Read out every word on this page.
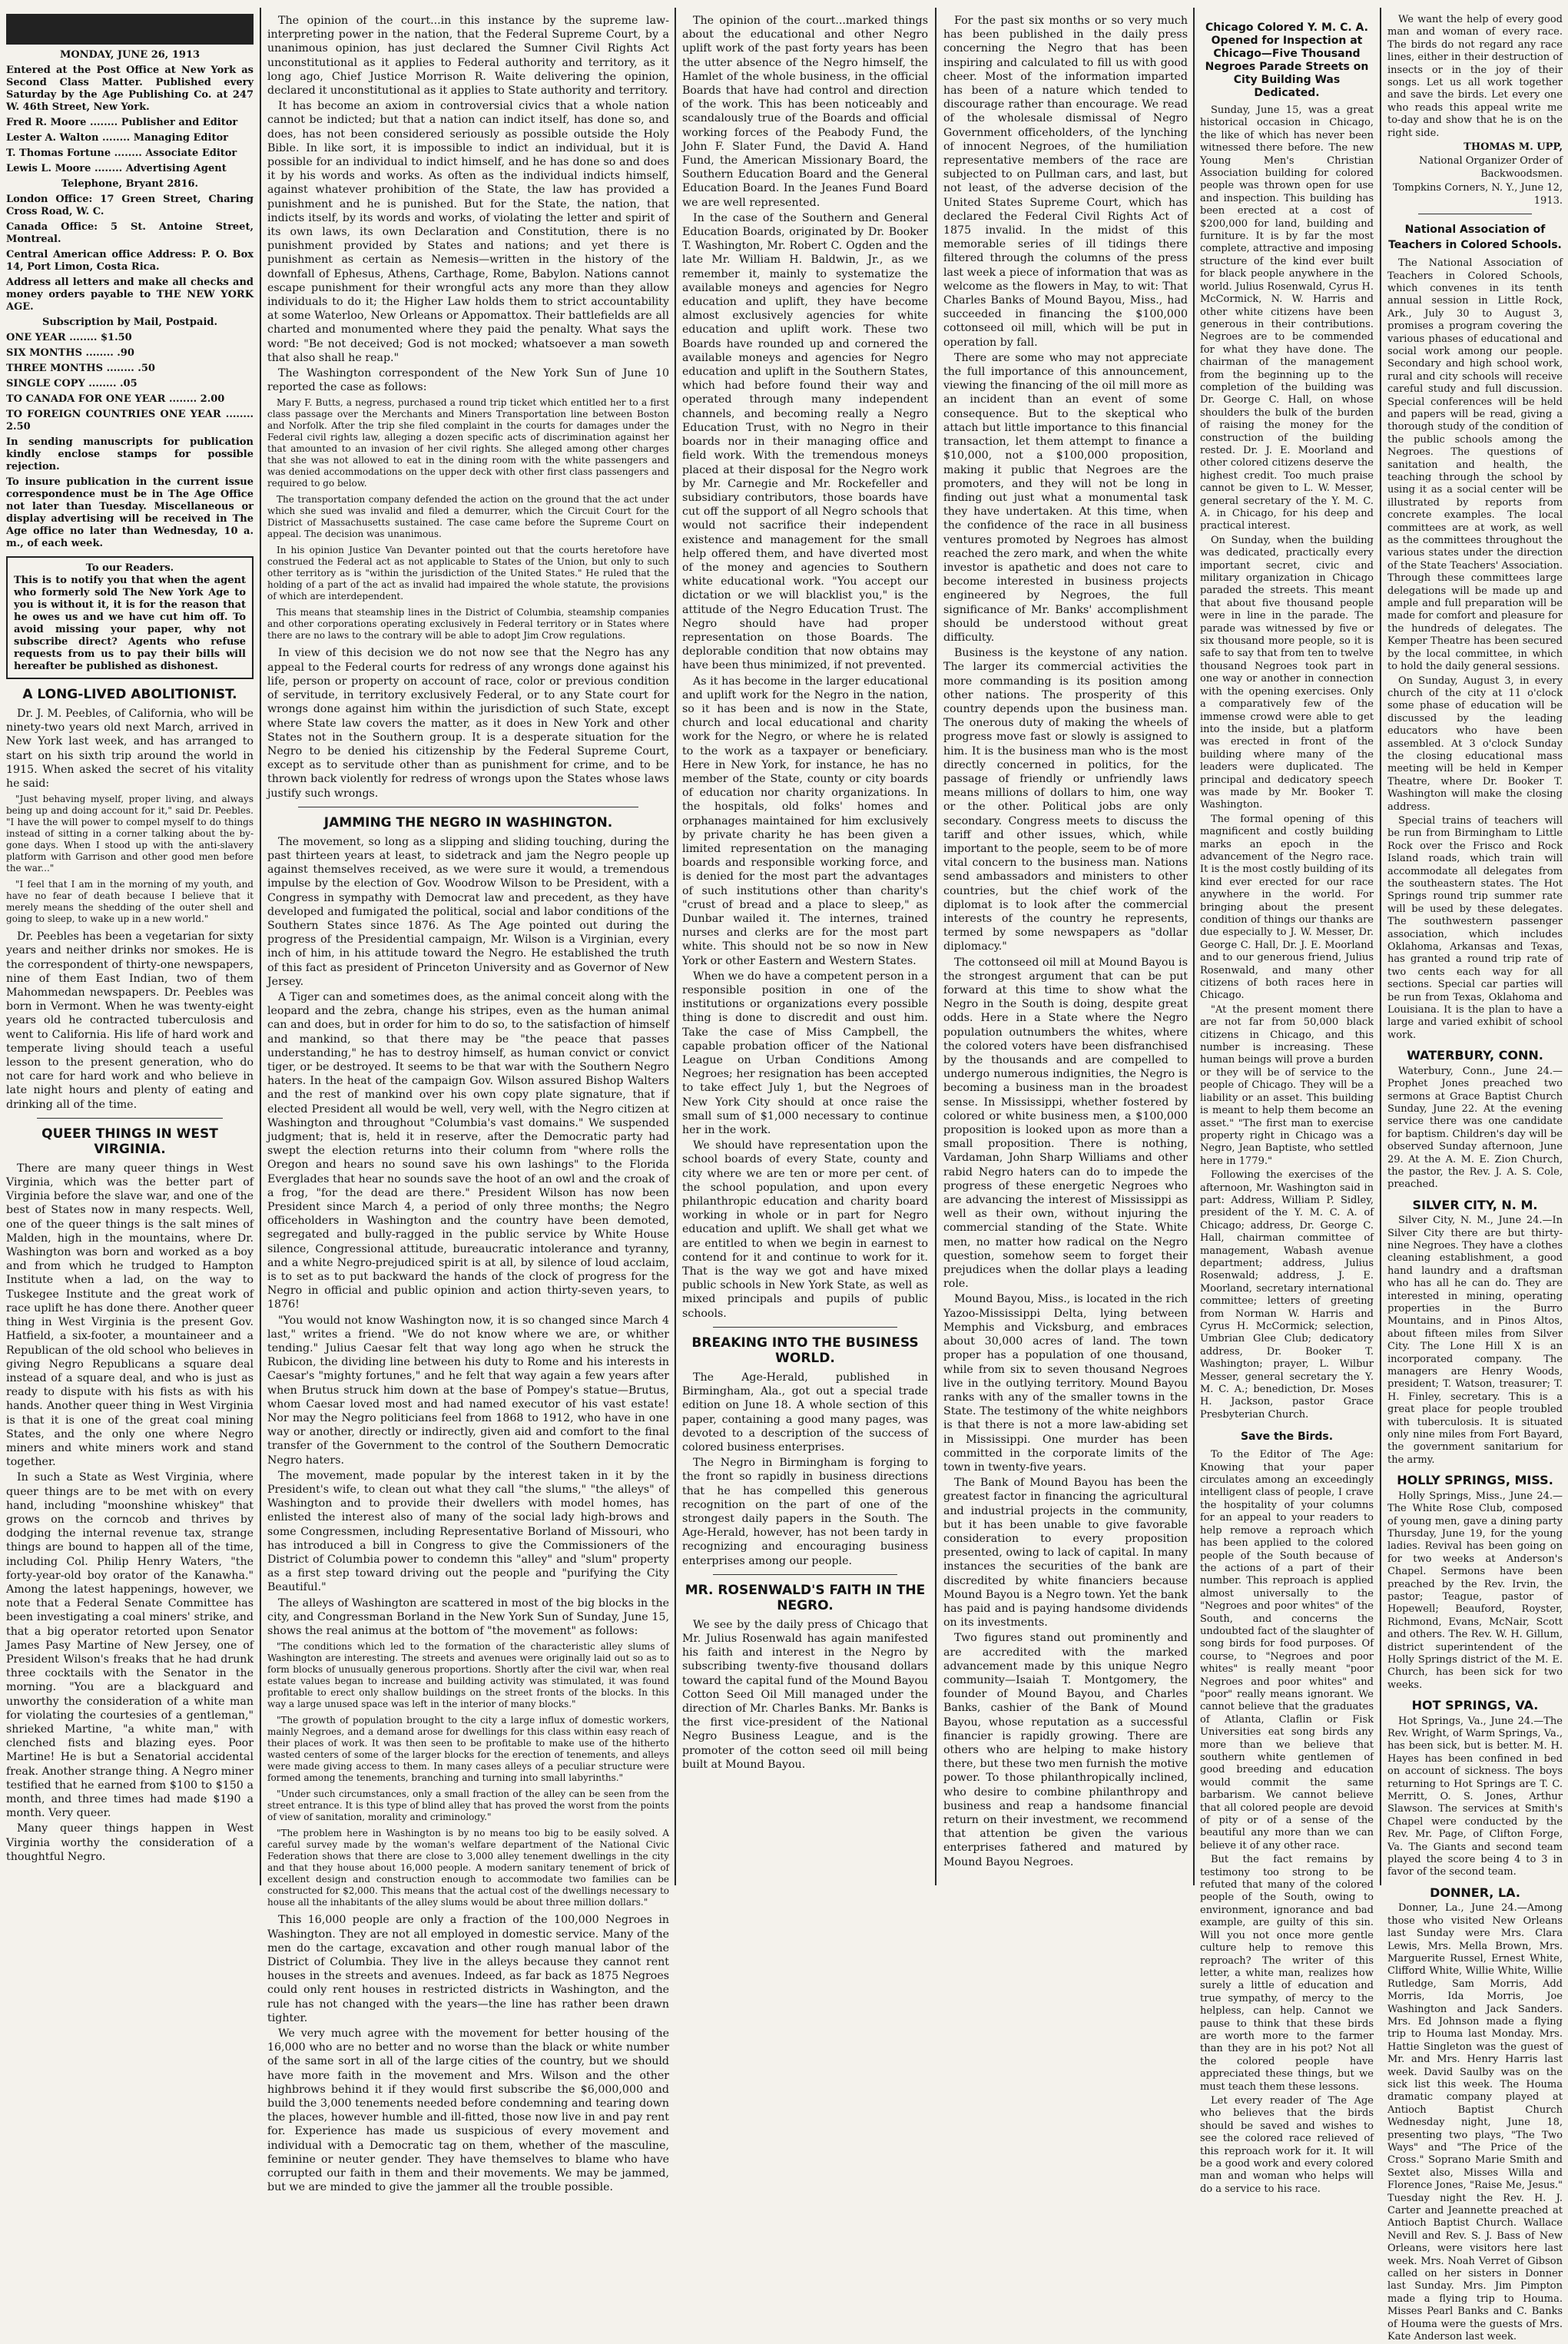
MONDAY, JUNE 26, 1913

Entered at the Post Office at New York as Second Class Matter. Published every Saturday by the Age Publishing Co. at 247 W. 46th Street, New York.

Fred R. Moore ........ Publisher and Editor

Lester A. Walton ........ Managing Editor

T. Thomas Fortune ........ Associate Editor

Lewis L. Moore ........ Advertising Agent

Telephone, Bryant 2816.

London Office: 17 Green Street, Charing Cross Road, W. C.

Canada Office: 5 St. Antoine Street, Montreal.

Central American office Address: P. O. Box 14, Port Limon, Costa Rica.

Address all letters and make all checks and money orders payable to THE NEW YORK AGE.

Subscription by Mail, Postpaid.

ONE YEAR ........ $1.50

SIX MONTHS ........ .90

THREE MONTHS ........ .50

SINGLE COPY ........ .05

TO CANADA FOR ONE YEAR ........ 2.00

TO FOREIGN COUNTRIES ONE YEAR ........ 2.50

In sending manuscripts for publication kindly enclose stamps for possible rejection.

To insure publication in the current issue correspondence must be in The Age Office not later than Tuesday. Miscellaneous or display advertising will be received in The Age office no later than Wednesday, 10 a. m., of each week.

To our Readers.
This is to notify you that when the agent who formerly sold The New York Age to you is without it, it is for the reason that he owes us and we have cut him off. To avoid missing your paper, why not subscribe direct? Agents who refuse requests from us to pay their bills will hereafter be published as dishonest.
A LONG-LIVED ABOLITIONIST.

Dr. J. M. Peebles, of California, who will be ninety-two years old next March, arrived in New York last week, and has arranged to start on his sixth trip around the world in 1915. When asked the secret of his vitality he said:

"Just behaving myself, proper living, and always being up and doing account for it," said Dr. Peebles. "I have the will power to compel myself to do things instead of sitting in a corner talking about the by-gone days. When I stood up with the anti-slavery platform with Garrison and other good men before the war..."

"I feel that I am in the morning of my youth, and have no fear of death because I believe that it merely means the shedding of the outer shell and going to sleep, to wake up in a new world."

Dr. Peebles has been a vegetarian for sixty years and neither drinks nor smokes. He is the correspondent of thirty-one newspapers, nine of them East Indian, two of them Mahommedan newspapers. Dr. Peebles was born in Vermont. When he was twenty-eight years old he contracted tuberculosis and went to California. His life of hard work and temperate living should teach a useful lesson to the present generation, who do not care for hard work and who believe in late night hours and plenty of eating and drinking all of the time.

QUEER THINGS IN WEST VIRGINIA.

There are many queer things in West Virginia, which was the better part of Virginia before the slave war, and one of the best of States now in many respects. Well, one of the queer things is the salt mines of Malden, high in the mountains, where Dr. Washington was born and worked as a boy and from which he trudged to Hampton Institute when a lad, on the way to Tuskegee Institute and the great work of race uplift he has done there. Another queer thing in West Virginia is the present Gov. Hatfield, a six-footer, a mountaineer and a Republican of the old school who believes in giving Negro Republicans a square deal instead of a square deal, and who is just as ready to dispute with his fists as with his hands. Another queer thing in West Virginia is that it is one of the great coal mining States, and the only one where Negro miners and white miners work and stand together.

In such a State as West Virginia, where queer things are to be met with on every hand, including "moonshine whiskey" that grows on the corncob and thrives by dodging the internal revenue tax, strange things are bound to happen all of the time, including Col. Philip Henry Waters, "the forty-year-old boy orator of the Kanawha." Among the latest happenings, however, we note that a Federal Senate Committee has been investigating a coal miners' strike, and that a big operator retorted upon Senator James Pasy Martine of New Jersey, one of President Wilson's freaks that he had drunk three cocktails with the Senator in the morning. "You are a blackguard and unworthy the consideration of a white man for violating the courtesies of a gentleman," shrieked Martine, "a white man," with clenched fists and blazing eyes. Poor Martine! He is but a Senatorial accidental freak. Another strange thing. A Negro miner testified that he earned from $100 to $150 a month, and three times had made $190 a month. Very queer.

Many queer things happen in West Virginia worthy the consideration of a thoughtful Negro.

The opinion of the court...in this instance by the supreme law-interpreting power in the nation, that the Federal Supreme Court, by a unanimous opinion, has just declared the Sumner Civil Rights Act unconstitutional as it applies to Federal authority and territory, as it long ago, Chief Justice Morrison R. Waite delivering the opinion, declared it unconstitutional as it applies to State authority and territory.

It has become an axiom in controversial civics that a whole nation cannot be indicted; but that a nation can indict itself, has done so, and does, has not been considered seriously as possible outside the Holy Bible. In like sort, it is impossible to indict an individual, but it is possible for an individual to indict himself, and he has done so and does it by his words and works. As often as the individual indicts himself, against whatever prohibition of the State, the law has provided a punishment and he is punished. But for the State, the nation, that indicts itself, by its words and works, of violating the letter and spirit of its own laws, its own Declaration and Constitution, there is no punishment provided by States and nations; and yet there is punishment as certain as Nemesis—written in the history of the downfall of Ephesus, Athens, Carthage, Rome, Babylon. Nations cannot escape punishment for their wrongful acts any more than they allow individuals to do it; the Higher Law holds them to strict accountability at some Waterloo, New Orleans or Appomattox. Their battlefields are all charted and monumented where they paid the penalty. What says the word: "Be not deceived; God is not mocked; whatsoever a man soweth that also shall he reap."

The Washington correspondent of the New York Sun of June 10 reported the case as follows:

Mary F. Butts, a negress, purchased a round trip ticket which entitled her to a first class passage over the Merchants and Miners Transportation line between Boston and Norfolk. After the trip she filed complaint in the courts for damages under the Federal civil rights law, alleging a dozen specific acts of discrimination against her that amounted to an invasion of her civil rights. She alleged among other charges that she was not allowed to eat in the dining room with the white passengers and was denied accommodations on the upper deck with other first class passengers and required to go below.

The transportation company defended the action on the ground that the act under which she sued was invalid and filed a demurrer, which the Circuit Court for the District of Massachusetts sustained. The case came before the Supreme Court on appeal. The decision was unanimous.

In his opinion Justice Van Devanter pointed out that the courts heretofore have construed the Federal act as not applicable to States of the Union, but only to such other territory as is "within the jurisdiction of the United States." He ruled that the holding of a part of the act as invalid had impaired the whole statute, the provisions of which are interdependent.

This means that steamship lines in the District of Columbia, steamship companies and other corporations operating exclusively in Federal territory or in States where there are no laws to the contrary will be able to adopt Jim Crow regulations.

In view of this decision we do not now see that the Negro has any appeal to the Federal courts for redress of any wrongs done against his life, person or property on account of race, color or previous condition of servitude, in territory exclusively Federal, or to any State court for wrongs done against him within the jurisdiction of such State, except where State law covers the matter, as it does in New York and other States not in the Southern group. It is a desperate situation for the Negro to be denied his citizenship by the Federal Supreme Court, except as to servitude other than as punishment for crime, and to be thrown back violently for redress of wrongs upon the States whose laws justify such wrongs.

JAMMING THE NEGRO IN WASHINGTON.

The movement, so long as a slipping and sliding touching, during the past thirteen years at least, to sidetrack and jam the Negro people up against themselves received, as we were sure it would, a tremendous impulse by the election of Gov. Woodrow Wilson to be President, with a Congress in sympathy with Democrat law and precedent, as they have developed and fumigated the political, social and labor conditions of the Southern States since 1876. As The Age pointed out during the progress of the Presidential campaign, Mr. Wilson is a Virginian, every inch of him, in his attitude toward the Negro. He established the truth of this fact as president of Princeton University and as Governor of New Jersey.

A Tiger can and sometimes does, as the animal conceit along with the leopard and the zebra, change his stripes, even as the human animal can and does, but in order for him to do so, to the satisfaction of himself and mankind, so that there may be "the peace that passes understanding," he has to destroy himself, as human convict or convict tiger, or be destroyed. It seems to be that war with the Southern Negro haters. In the heat of the campaign Gov. Wilson assured Bishop Walters and the rest of mankind over his own copy plate signature, that if elected President all would be well, very well, with the Negro citizen at Washington and throughout "Columbia's vast domains." We suspended judgment; that is, held it in reserve, after the Democratic party had swept the election returns into their column from "where rolls the Oregon and hears no sound save his own lashings" to the Florida Everglades that hear no sounds save the hoot of an owl and the croak of a frog, "for the dead are there." President Wilson has now been President since March 4, a period of only three months; the Negro officeholders in Washington and the country have been demoted, segregated and bully-ragged in the public service by White House silence, Congressional attitude, bureaucratic intolerance and tyranny, and a white Negro-prejudiced spirit is at all, by silence of loud acclaim, is to set as to put backward the hands of the clock of progress for the Negro in official and public opinion and action thirty-seven years, to 1876!

"You would not know Washington now, it is so changed since March 4 last," writes a friend. "We do not know where we are, or whither tending." Julius Caesar felt that way long ago when he struck the Rubicon, the dividing line between his duty to Rome and his interests in Caesar's "mighty fortunes," and he felt that way again a few years after when Brutus struck him down at the base of Pompey's statue—Brutus, whom Caesar loved most and had named executor of his vast estate! Nor may the Negro politicians feel from 1868 to 1912, who have in one way or another, directly or indirectly, given aid and comfort to the final transfer of the Government to the control of the Southern Democratic Negro haters.

The movement, made popular by the interest taken in it by the President's wife, to clean out what they call "the slums," "the alleys" of Washington and to provide their dwellers with model homes, has enlisted the interest also of many of the social lady high-brows and some Congressmen, including Representative Borland of Missouri, who has introduced a bill in Congress to give the Commissioners of the District of Columbia power to condemn this "alley" and "slum" property as a first step toward driving out the people and "purifying the City Beautiful."

The alleys of Washington are scattered in most of the big blocks in the city, and Congressman Borland in the New York Sun of Sunday, June 15, shows the real animus at the bottom of "the movement" as follows:

"The conditions which led to the formation of the characteristic alley slums of Washington are interesting. The streets and avenues were originally laid out so as to form blocks of unusually generous proportions. Shortly after the civil war, when real estate values began to increase and building activity was stimulated, it was found profitable to erect only shallow buildings on the street fronts of the blocks. In this way a large unused space was left in the interior of many blocks."

"The growth of population brought to the city a large influx of domestic workers, mainly Negroes, and a demand arose for dwellings for this class within easy reach of their places of work. It was then seen to be profitable to make use of the hitherto wasted centers of some of the larger blocks for the erection of tenements, and alleys were made giving access to them. In many cases alleys of a peculiar structure were formed among the tenements, branching and turning into small labyrinths."

"Under such circumstances, only a small fraction of the alley can be seen from the street entrance. It is this type of blind alley that has proved the worst from the points of view of sanitation, morality and criminology."

"The problem here in Washington is by no means too big to be easily solved. A careful survey made by the woman's welfare department of the National Civic Federation shows that there are close to 3,000 alley tenement dwellings in the city and that they house about 16,000 people. A modern sanitary tenement of brick of excellent design and construction enough to accommodate two families can be constructed for $2,000. This means that the actual cost of the dwellings necessary to house all the inhabitants of the alley slums would be about three million dollars."

This 16,000 people are only a fraction of the 100,000 Negroes in Washington. They are not all employed in domestic service. Many of the men do the cartage, excavation and other rough manual labor of the District of Columbia. They live in the alleys because they cannot rent houses in the streets and avenues. Indeed, as far back as 1875 Negroes could only rent houses in restricted districts in Washington, and the rule has not changed with the years—the line has rather been drawn tighter.

We very much agree with the movement for better housing of the 16,000 who are no better and no worse than the black or white number of the same sort in all of the large cities of the country, but we should have more faith in the movement and Mrs. Wilson and the other highbrows behind it if they would first subscribe the $6,000,000 and build the 3,000 tenements needed before condemning and tearing down the places, however humble and ill-fitted, those now live in and pay rent for. Experience has made us suspicious of every movement and individual with a Democratic tag on them, whether of the masculine, feminine or neuter gender. They have themselves to blame who have corrupted our faith in them and their movements. We may be jammed, but we are minded to give the jammer all the trouble possible.

The opinion of the court...marked things about the educational and other Negro uplift work of the past forty years has been the utter absence of the Negro himself, the Hamlet of the whole business, in the official Boards that have had control and direction of the work. This has been noticeably and scandalously true of the Boards and official working forces of the Peabody Fund, the John F. Slater Fund, the David A. Hand Fund, the American Missionary Board, the Southern Education Board and the General Education Board. In the Jeanes Fund Board we are well represented.

In the case of the Southern and General Education Boards, originated by Dr. Booker T. Washington, Mr. Robert C. Ogden and the late Mr. William H. Baldwin, Jr., as we remember it, mainly to systematize the available moneys and agencies for Negro education and uplift, they have become almost exclusively agencies for white education and uplift work. These two Boards have rounded up and cornered the available moneys and agencies for Negro education and uplift in the Southern States, which had before found their way and operated through many independent channels, and becoming really a Negro Education Trust, with no Negro in their boards nor in their managing office and field work. With the tremendous moneys placed at their disposal for the Negro work by Mr. Carnegie and Mr. Rockefeller and subsidiary contributors, those boards have cut off the support of all Negro schools that would not sacrifice their independent existence and management for the small help offered them, and have diverted most of the money and agencies to Southern white educational work. "You accept our dictation or we will blacklist you," is the attitude of the Negro Education Trust. The Negro should have had proper representation on those Boards. The deplorable condition that now obtains may have been thus minimized, if not prevented.

As it has become in the larger educational and uplift work for the Negro in the nation, so it has been and is now in the State, church and local educational and charity work for the Negro, or where he is related to the work as a taxpayer or beneficiary. Here in New York, for instance, he has no member of the State, county or city boards of education nor charity organizations. In the hospitals, old folks' homes and orphanages maintained for him exclusively by private charity he has been given a limited representation on the managing boards and responsible working force, and is denied for the most part the advantages of such institutions other than charity's "crust of bread and a place to sleep," as Dunbar wailed it. The internes, trained nurses and clerks are for the most part white. This should not be so now in New York or other Eastern and Western States.

When we do have a competent person in a responsible position in one of the institutions or organizations every possible thing is done to discredit and oust him. Take the case of Miss Campbell, the capable probation officer of the National League on Urban Conditions Among Negroes; her resignation has been accepted to take effect July 1, but the Negroes of New York City should at once raise the small sum of $1,000 necessary to continue her in the work.

We should have representation upon the school boards of every State, county and city where we are ten or more per cent. of the school population, and upon every philanthropic education and charity board working in whole or in part for Negro education and uplift. We shall get what we are entitled to when we begin in earnest to contend for it and continue to work for it. That is the way we got and have mixed public schools in New York State, as well as mixed principals and pupils of public schools.

BREAKING INTO THE BUSINESS WORLD.

The Age-Herald, published in Birmingham, Ala., got out a special trade edition on June 18. A whole section of this paper, containing a good many pages, was devoted to a description of the success of colored business enterprises.

The Negro in Birmingham is forging to the front so rapidly in business directions that he has compelled this generous recognition on the part of one of the strongest daily papers in the South. The Age-Herald, however, has not been tardy in recognizing and encouraging business enterprises among our people.

MR. ROSENWALD'S FAITH IN THE NEGRO.

We see by the daily press of Chicago that Mr. Julius Rosenwald has again manifested his faith and interest in the Negro by subscribing twenty-five thousand dollars toward the capital fund of the Mound Bayou Cotton Seed Oil Mill managed under the direction of Mr. Charles Banks. Mr. Banks is the first vice-president of the National Negro Business League, and is the promoter of the cotton seed oil mill being built at Mound Bayou.

For the past six months or so very much has been published in the daily press concerning the Negro that has been inspiring and calculated to fill us with good cheer. Most of the information imparted has been of a nature which tended to discourage rather than encourage. We read of the wholesale dismissal of Negro Government officeholders, of the lynching of innocent Negroes, of the humiliation representative members of the race are subjected to on Pullman cars, and last, but not least, of the adverse decision of the United States Supreme Court, which has declared the Federal Civil Rights Act of 1875 invalid. In the midst of this memorable series of ill tidings there filtered through the columns of the press last week a piece of information that was as welcome as the flowers in May, to wit: That Charles Banks of Mound Bayou, Miss., had succeeded in financing the $100,000 cottonseed oil mill, which will be put in operation by fall.

There are some who may not appreciate the full importance of this announcement, viewing the financing of the oil mill more as an incident than an event of some consequence. But to the skeptical who attach but little importance to this financial transaction, let them attempt to finance a $10,000, not a $100,000 proposition, making it public that Negroes are the promoters, and they will not be long in finding out just what a monumental task they have undertaken. At this time, when the confidence of the race in all business ventures promoted by Negroes has almost reached the zero mark, and when the white investor is apathetic and does not care to become interested in business projects engineered by Negroes, the full significance of Mr. Banks' accomplishment should be understood without great difficulty.

Business is the keystone of any nation. The larger its commercial activities the more commanding is its position among other nations. The prosperity of this country depends upon the business man. The onerous duty of making the wheels of progress move fast or slowly is assigned to him. It is the business man who is the most directly concerned in politics, for the passage of friendly or unfriendly laws means millions of dollars to him, one way or the other. Political jobs are only secondary. Congress meets to discuss the tariff and other issues, which, while important to the people, seem to be of more vital concern to the business man. Nations send ambassadors and ministers to other countries, but the chief work of the diplomat is to look after the commercial interests of the country he represents, termed by some newspapers as "dollar diplomacy."

The cottonseed oil mill at Mound Bayou is the strongest argument that can be put forward at this time to show what the Negro in the South is doing, despite great odds. Here in a State where the Negro population outnumbers the whites, where the colored voters have been disfranchised by the thousands and are compelled to undergo numerous indignities, the Negro is becoming a business man in the broadest sense. In Mississippi, whether fostered by colored or white business men, a $100,000 proposition is looked upon as more than a small proposition. There is nothing, Vardaman, John Sharp Williams and other rabid Negro haters can do to impede the progress of these energetic Negroes who are advancing the interest of Mississippi as well as their own, without injuring the commercial standing of the State. White men, no matter how radical on the Negro question, somehow seem to forget their prejudices when the dollar plays a leading role.

Mound Bayou, Miss., is located in the rich Yazoo-Mississippi Delta, lying between Memphis and Vicksburg, and embraces about 30,000 acres of land. The town proper has a population of one thousand, while from six to seven thousand Negroes live in the outlying territory. Mound Bayou ranks with any of the smaller towns in the State. The testimony of the white neighbors is that there is not a more law-abiding set in Mississippi. One murder has been committed in the corporate limits of the town in twenty-five years.

The Bank of Mound Bayou has been the greatest factor in financing the agricultural and industrial projects in the community, but it has been unable to give favorable consideration to every proposition presented, owing to lack of capital. In many instances the securities of the bank are discredited by white financiers because Mound Bayou is a Negro town. Yet the bank has paid and is paying handsome dividends on its investments.

Two figures stand out prominently and are accredited with the marked advancement made by this unique Negro community—Isaiah T. Montgomery, the founder of Mound Bayou, and Charles Banks, cashier of the Bank of Mound Bayou, whose reputation as a successful financier is rapidly growing. There are others who are helping to make history there, but these two men furnish the motive power. To those philanthropically inclined, who desire to combine philanthropy and business and reap a handsome financial return on their investment, we recommend that attention be given the various enterprises fathered and matured by Mound Bayou Negroes.

Chicago Colored Y. M. C. A. Opened for Inspection at Chicago—Five Thousand Negroes Parade Streets on City Building Was Dedicated.

Sunday, June 15, was a great historical occasion in Chicago, the like of which has never been witnessed there before. The new Young Men's Christian Association building for colored people was thrown open for use and inspection. This building has been erected at a cost of $200,000 for land, building and furniture. It is by far the most complete, attractive and imposing structure of the kind ever built for black people anywhere in the world. Julius Rosenwald, Cyrus H. McCormick, N. W. Harris and other white citizens have been generous in their contributions. Negroes are to be commended for what they have done. The chairman of the management from the beginning up to the completion of the building was Dr. George C. Hall, on whose shoulders the bulk of the burden of raising the money for the construction of the building rested. Dr. J. E. Moorland and other colored citizens deserve the highest credit. Too much praise cannot be given to L. W. Messer, general secretary of the Y. M. C. A. in Chicago, for his deep and practical interest.

On Sunday, when the building was dedicated, practically every important secret, civic and military organization in Chicago paraded the streets. This meant that about five thousand people were in line in the parade. The parade was witnessed by five or six thousand more people, so it is safe to say that from ten to twelve thousand Negroes took part in one way or another in connection with the opening exercises. Only a comparatively few of the immense crowd were able to get into the inside, but a platform was erected in front of the building where many of the leaders were duplicated. The principal and dedicatory speech was made by Mr. Booker T. Washington.

The formal opening of this magnificent and costly building marks an epoch in the advancement of the Negro race. It is the most costly building of its kind ever erected for our race anywhere in the world. For bringing about the present condition of things our thanks are due especially to J. W. Messer, Dr. George C. Hall, Dr. J. E. Moorland and to our generous friend, Julius Rosenwald, and many other citizens of both races here in Chicago.

"At the present moment there are not far from 50,000 black citizens in Chicago, and this number is increasing. These human beings will prove a burden or they will be of service to the people of Chicago. They will be a liability or an asset. This building is meant to help them become an asset." "The first man to exercise property right in Chicago was a Negro, Jean Baptiste, who settled here in 1779."

Following the exercises of the afternoon, Mr. Washington said in part: Address, William P. Sidley, president of the Y. M. C. A. of Chicago; address, Dr. George C. Hall, chairman committee of management, Wabash avenue department; address, Julius Rosenwald; address, J. E. Moorland, secretary international committee; letters of greeting from Norman W. Harris and Cyrus H. McCormick; selection, Umbrian Glee Club; dedicatory address, Dr. Booker T. Washington; prayer, L. Wilbur Messer, general secretary the Y. M. C. A.; benediction, Dr. Moses H. Jackson, pastor Grace Presbyterian Church.

Save the Birds.

To the Editor of The Age: Knowing that your paper circulates among an exceedingly intelligent class of people, I crave the hospitality of your columns for an appeal to your readers to help remove a reproach which has been applied to the colored people of the South because of the actions of a part of their number. This reproach is applied almost universally to the "Negroes and poor whites" of the South, and concerns the undoubted fact of the slaughter of song birds for food purposes. Of course, to "Negroes and poor whites" is really meant "poor Negroes and poor whites" and "poor" really means ignorant. We cannot believe that the graduates of Atlanta, Claflin or Fisk Universities eat song birds any more than we believe that southern white gentlemen of good breeding and education would commit the same barbarism. We cannot believe that all colored people are devoid of pity or of a sense of the beautiful any more than we can believe it of any other race.

But the fact remains by testimony too strong to be refuted that many of the colored people of the South, owing to environment, ignorance and bad example, are guilty of this sin. Will you not once more gentle culture help to remove this reproach? The writer of this letter, a white man, realizes how surely a little of education and true sympathy, of mercy to the helpless, can help. Cannot we pause to think that these birds are worth more to the farmer than they are in his pot? Not all the colored people have appreciated these things, but we must teach them these lessons.

Let every reader of The Age who believes that the birds should be saved and wishes to see the colored race relieved of this reproach work for it. It will be a good work and every colored man and woman who helps will do a service to his race.

We want the help of every good man and woman of every race. The birds do not regard any race lines, either in their destruction of insects or in the joy of their songs. Let us all work together and save the birds. Let every one who reads this appeal write me to-day and show that he is on the right side.

THOMAS M. UPP,
National Organizer Order of Backwoodsmen.
Tompkins Corners, N. Y., June 12, 1913.
National Association of Teachers in Colored Schools.

The National Association of Teachers in Colored Schools, which convenes in its tenth annual session in Little Rock, Ark., July 30 to August 3, promises a program covering the various phases of educational and social work among our people. Secondary and high school work, rural and city schools will receive careful study and full discussion. Special conferences will be held and papers will be read, giving a thorough study of the condition of the public schools among the Negroes. The questions of sanitation and health, the teaching through the school by using it as a social center will be illustrated by reports from concrete examples. The local committees are at work, as well as the committees throughout the various states under the direction of the State Teachers' Association. Through these committees large delegations will be made up and ample and full preparation will be made for comfort and pleasure for the hundreds of delegates. The Kemper Theatre has been secured by the local committee, in which to hold the daily general sessions.

On Sunday, August 3, in every church of the city at 11 o'clock some phase of education will be discussed by the leading educators who have been assembled. At 3 o'clock Sunday the closing educational mass meeting will be held in Kemper Theatre, where Dr. Booker T. Washington will make the closing address.

Special trains of teachers will be run from Birmingham to Little Rock over the Frisco and Rock Island roads, which train will accommodate all delegates from the southeastern states. The Hot Springs round trip summer rate will be used by these delegates. The southwestern passenger association, which includes Oklahoma, Arkansas and Texas, has granted a round trip rate of two cents each way for all sections. Special car parties will be run from Texas, Oklahoma and Louisiana. It is the plan to have a large and varied exhibit of school work.

WATERBURY, CONN.

Waterbury, Conn., June 24.—Prophet Jones preached two sermons at Grace Baptist Church Sunday, June 22. At the evening service there was one candidate for baptism. Children's day will be observed Sunday afternoon, June 29. At the A. M. E. Zion Church, the pastor, the Rev. J. A. S. Cole, preached.

SILVER CITY, N. M.

Silver City, N. M., June 24.—In Silver City there are but thirty-nine Negroes. They have a clothes cleaning establishment, a good hand laundry and a draftsman who has all he can do. They are interested in mining, operating properties in the Burro Mountains, and in Pinos Altos, about fifteen miles from Silver City. The Lone Hill X is an incorporated company. The managers are Henry Woods, president; T. Watson, treasurer; T. H. Finley, secretary. This is a great place for people troubled with tuberculosis. It is situated only nine miles from Fort Bayard, the government sanitarium for the army.

HOLLY SPRINGS, MISS.

Holly Springs, Miss., June 24.—The White Rose Club, composed of young men, gave a dining party Thursday, June 19, for the young ladies. Revival has been going on for two weeks at Anderson's Chapel. Sermons have been preached by the Rev. Irvin, the pastor; Teague, pastor of Hopewell; Beauford, Royster, Richmond, Evans, McNair, Scott and others. The Rev. W. H. Gillum, district superintendent of the Holly Springs district of the M. E. Church, has been sick for two weeks.

HOT SPRINGS, VA.

Hot Springs, Va., June 24.—The Rev. Wright, of Warm Springs, Va., has been sick, but is better. M. H. Hayes has been confined in bed on account of sickness. The boys returning to Hot Springs are T. C. Merritt, O. S. Jones, Arthur Slawson. The services at Smith's Chapel were conducted by the Rev. Mr. Page, of Clifton Forge, Va. The Giants and second team played the score being 4 to 3 in favor of the second team.

DONNER, LA.

Donner, La., June 24.—Among those who visited New Orleans last Sunday were Mrs. Clara Lewis, Mrs. Mella Brown, Mrs. Marguerite Russel, Ernest White, Clifford White, Willie White, Willie Rutledge, Sam Morris, Add Morris, Ida Morris, Joe Washington and Jack Sanders. Mrs. Ed Johnson made a flying trip to Houma last Monday. Mrs. Hattie Singleton was the guest of Mr. and Mrs. Henry Harris last week. David Saulby was on the sick list this week. The Houma dramatic company played at Antioch Baptist Church Wednesday night, June 18, presenting two plays, "The Two Ways" and "The Price of the Cross." Soprano Marie Smith and Sextet also, Misses Willa and Florence Jones, "Raise Me, Jesus." Tuesday night the Rev. H. J. Carter and Jeannette preached at Antioch Baptist Church. Wallace Nevill and Rev. S. J. Bass of New Orleans, were visitors here last week. Mrs. Noah Verret of Gibson called on her sisters in Donner last Sunday. Mrs. Jim Pimpton made a flying trip to Houma. Misses Pearl Banks and C. Banks of Houma were the guests of Mrs. Kate Anderson last week.
